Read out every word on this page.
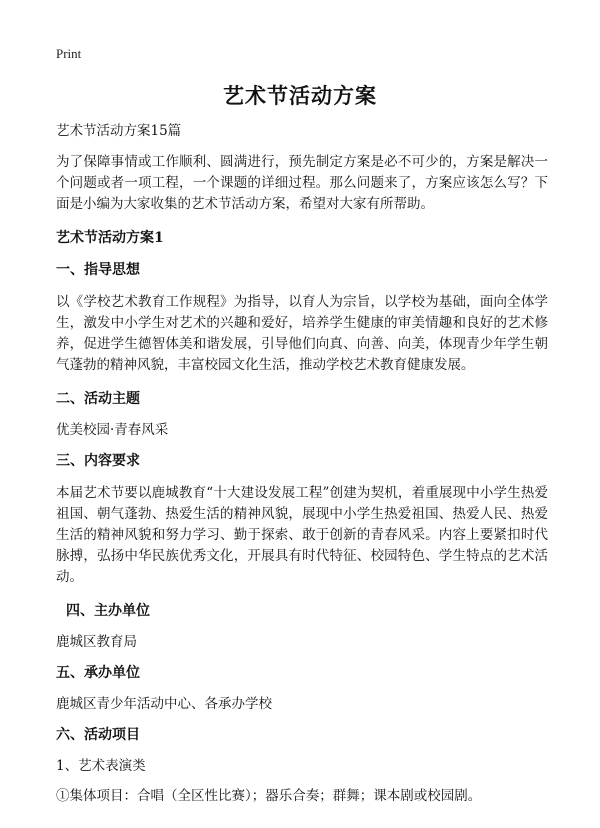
Print
艺术节活动方案
艺术节活动方案15篇
为了保障事情或工作顺利、圆满进行，预先制定方案是必不可少的，方案是解决一个问题或者一项工程，一个课题的详细过程。那么问题来了，方案应该怎么写？下面是小编为大家收集的艺术节活动方案，希望对大家有所帮助。
艺术节活动方案1
一、指导思想
以《学校艺术教育工作规程》为指导，以育人为宗旨，以学校为基础，面向全体学生，激发中小学生对艺术的兴趣和爱好，培养学生健康的审美情趣和良好的艺术修养，促进学生德智体美和谐发展，引导他们向真、向善、向美，体现青少年学生朝气蓬勃的精神风貌，丰富校园文化生活，推动学校艺术教育健康发展。
二、活动主题
优美校园·青春风采
三、内容要求
本届艺术节要以鹿城教育“十大建设发展工程”创建为契机，着重展现中小学生热爱祖国、朝气蓬勃、热爱生活的精神风貌，展现中小学生热爱祖国、热爱人民、热爱生活的精神风貌和努力学习、勤于探索、敢于创新的青春风采。内容上要紧扣时代脉搏，弘扬中华民族优秀文化，开展具有时代特征、校园特色、学生特点的艺术活动。
四、主办单位
鹿城区教育局
五、承办单位
鹿城区青少年活动中心、各承办学校
六、活动项目
1、艺术表演类
①集体项目：合唱（全区性比赛）；器乐合奏；群舞；课本剧或校园剧。
